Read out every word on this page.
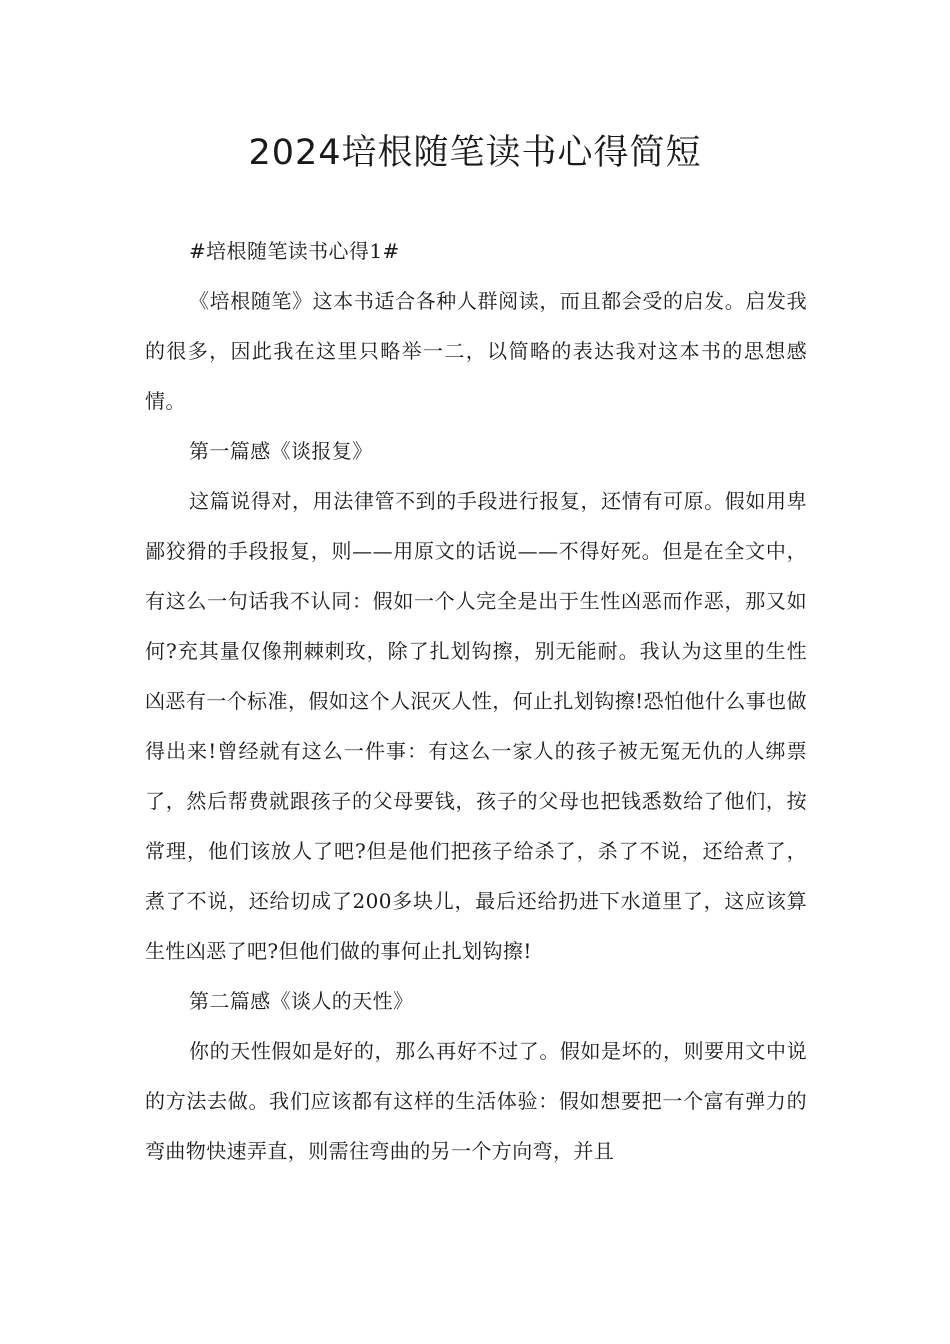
2024培根随笔读书心得简短

#培根随笔读书心得1#

《培根随笔》这本书适合各种人群阅读，而且都会受的启发。启发我的很多，因此我在这里只略举一二，以简略的表达我对这本书的思想感情。

第一篇感《谈报复》

这篇说得对，用法律管不到的手段进行报复，还情有可原。假如用卑鄙狡猾的手段报复，则——用原文的话说——不得好死。但是在全文中，有这么一句话我不认同：假如一个人完全是出于生性凶恶而作恶，那又如何?充其量仅像荆棘刺玫，除了扎划钩擦，别无能耐。我认为这里的生性凶恶有一个标准，假如这个人泯灭人性，何止扎划钩擦!恐怕他什么事也做得出来!曾经就有这么一件事：有这么一家人的孩子被无冤无仇的人绑票了，然后帮费就跟孩子的父母要钱，孩子的父母也把钱悉数给了他们，按常理，他们该放人了吧?但是他们把孩子给杀了，杀了不说，还给煮了，煮了不说，还给切成了200多块儿，最后还给扔进下水道里了，这应该算生性凶恶了吧?但他们做的事何止扎划钩擦!

第二篇感《谈人的天性》

你的天性假如是好的，那么再好不过了。假如是坏的，则要用文中说的方法去做。我们应该都有这样的生活体验：假如想要把一个富有弹力的弯曲物快速弄直，则需往弯曲的另一个方向弯，并且
